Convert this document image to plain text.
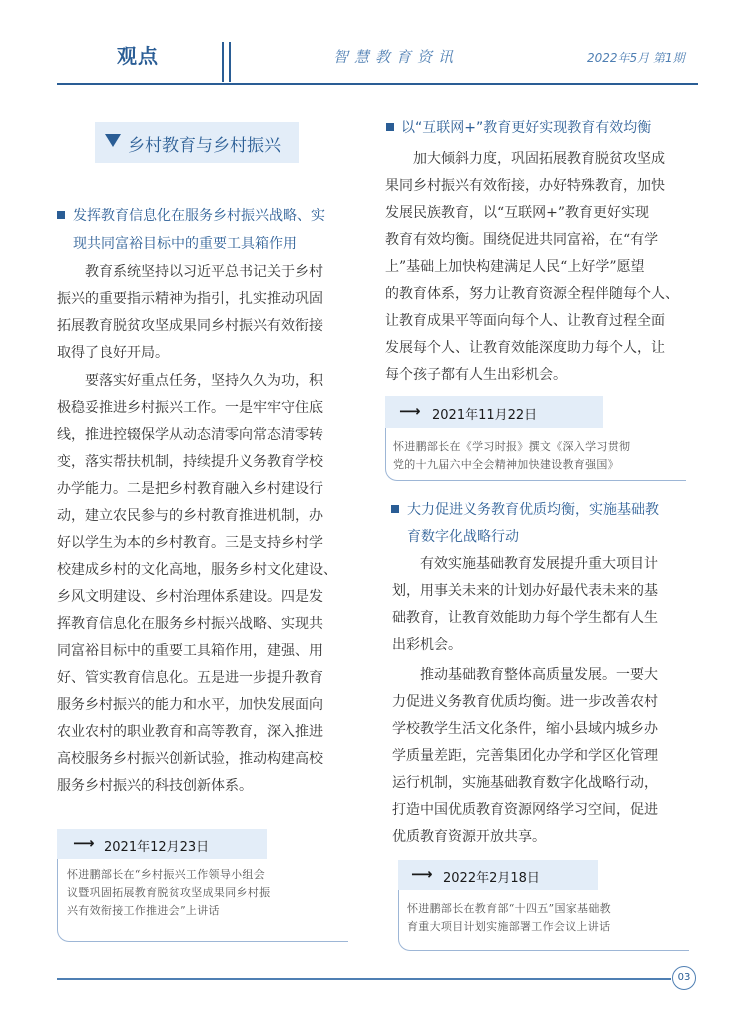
观点	智慧教育资讯	2022年5月 第1期
乡村教育与乡村振兴
发挥教育信息化在服务乡村振兴战略、实
现共同富裕目标中的重要工具箱作用
教育系统坚持以习近平总书记关于乡村
振兴的重要指示精神为指引，扎实推动巩固
拓展教育脱贫攻坚成果同乡村振兴有效衔接
取得了良好开局。
要落实好重点任务，坚持久久为功，积
极稳妥推进乡村振兴工作。一是牢牢守住底
线，推进控辍保学从动态清零向常态清零转
变，落实帮扶机制，持续提升义务教育学校
办学能力。二是把乡村教育融入乡村建设行
动，建立农民参与的乡村教育推进机制，办
好以学生为本的乡村教育。三是支持乡村学
校建成乡村的文化高地，服务乡村文化建设、
乡风文明建设、乡村治理体系建设。四是发
挥教育信息化在服务乡村振兴战略、实现共
同富裕目标中的重要工具箱作用，建强、用
好、管实教育信息化。五是进一步提升教育
服务乡村振兴的能力和水平，加快发展面向
农业农村的职业教育和高等教育，深入推进
高校服务乡村振兴创新试验，推动构建高校
服务乡村振兴的科技创新体系。
⟶ 2021年12月23日
怀进鹏部长在“乡村振兴工作领导小组会
议暨巩固拓展教育脱贫攻坚成果同乡村振
兴有效衔接工作推进会”上讲话
以“互联网+”教育更好实现教育有效均衡
加大倾斜力度，巩固拓展教育脱贫攻坚成
果同乡村振兴有效衔接，办好特殊教育，加快
发展民族教育，以“互联网+”教育更好实现
教育有效均衡。围绕促进共同富裕，在“有学
上”基础上加快构建满足人民“上好学”愿望
的教育体系，努力让教育资源全程伴随每个人、
让教育成果平等面向每个人、让教育过程全面
发展每个人、让教育效能深度助力每个人，让
每个孩子都有人生出彩机会。
⟶ 2021年11月22日
怀进鹏部长在《学习时报》撰文《深入学习贯彻
党的十九届六中全会精神加快建设教育强国》
大力促进义务教育优质均衡，实施基础教
育数字化战略行动
有效实施基础教育发展提升重大项目计
划，用事关未来的计划办好最代表未来的基
础教育，让教育效能助力每个学生都有人生
出彩机会。
推动基础教育整体高质量发展。一要大
力促进义务教育优质均衡。进一步改善农村
学校教学生活文化条件，缩小县域内城乡办
学质量差距，完善集团化办学和学区化管理
运行机制，实施基础教育数字化战略行动，
打造中国优质教育资源网络学习空间，促进
优质教育资源开放共享。
⟶ 2022年2月18日
怀进鹏部长在教育部“十四五”国家基础教
育重大项目计划实施部署工作会议上讲话
03
